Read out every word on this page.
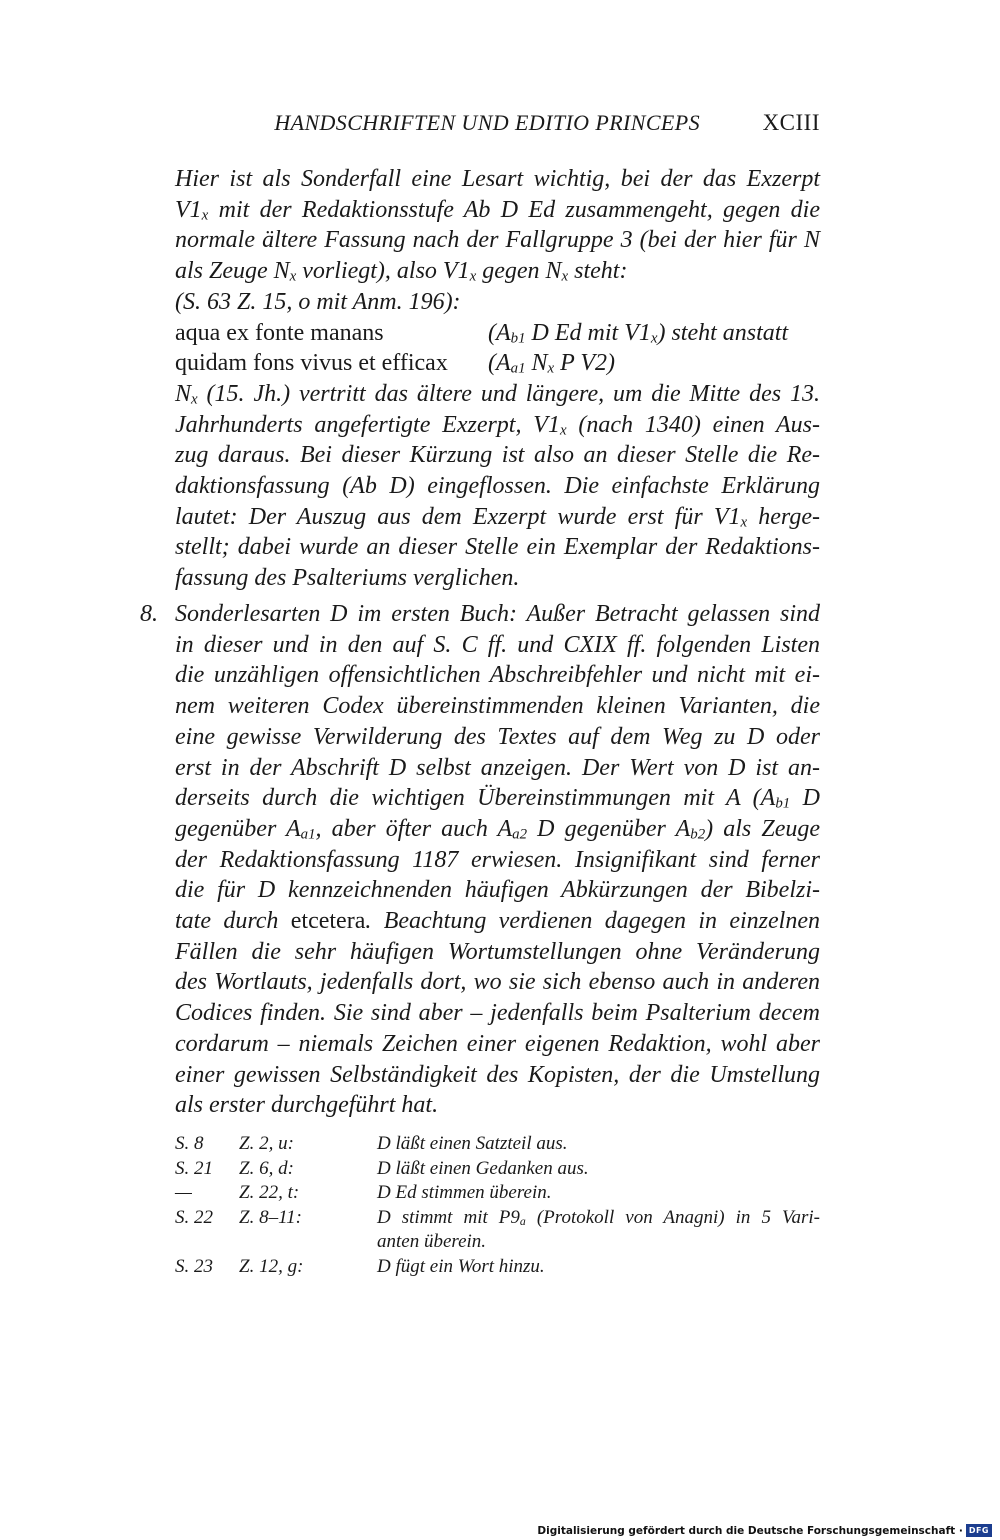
HANDSCHRIFTEN UND EDITIO PRINCEPS	XCIII
Hier ist als Sonderfall eine Lesart wichtig, bei der das Exzerpt
$V1_x$ mit der Redaktionsstufe Ab D Ed zusammengeht, gegen die
normale ältere Fassung nach der Fallgruppe 3 (bei der hier für N
als Zeuge $N_x$ vorliegt), also $V1_x$ gegen $N_x$ steht:
(S. 63 Z. 15, o mit Anm. 196):
aqua ex fonte manans	($A_{b1}$ D Ed mit $V1_x$) steht anstatt
quidam fons vivus et efficax ($A_{a1}$ $N_x$ P V2)
$N_x$ (15. Jh.) vertritt das ältere und längere, um die Mitte des 13.
Jahrhunderts angefertigte Exzerpt, $V1_x$ (nach 1340) einen Aus-
zug daraus. Bei dieser Kürzung ist also an dieser Stelle die Re-
daktionsfassung (Ab D) eingeflossen. Die einfachste Erklärung
lautet: Der Auszug aus dem Exzerpt wurde erst für $V1_x$ herge-
stellt; dabei wurde an dieser Stelle ein Exemplar der Redaktions-
fassung des Psalteriums verglichen.
8. Sonderlesarten D im ersten Buch: Außer Betracht gelassen sind
in dieser und in den auf S. C ff. und CXIX ff. folgenden Listen
die unzähligen offensichtlichen Abschreibfehler und nicht mit ei-
nem weiteren Codex übereinstimmenden kleinen Varianten, die
eine gewisse Verwilderung des Textes auf dem Weg zu D oder
erst in der Abschrift D selbst anzeigen. Der Wert von D ist an-
derseits durch die wichtigen Übereinstimmungen mit A ($A_{b1}$ D
gegenüber $A_{a1}$, aber öfter auch $A_{a2}$ D gegenüber $A_{b2}$) als Zeuge
der Redaktionsfassung 1187 erwiesen. Insignifikant sind ferner
die für D kennzeichnenden häufigen Abkürzungen der Bibelzi-
tate durch etcetera. Beachtung verdienen dagegen in einzelnen
Fällen die sehr häufigen Wortumstellungen ohne Veränderung
des Wortlauts, jedenfalls dort, wo sie sich ebenso auch in anderen
Codices finden. Sie sind aber – jedenfalls beim Psalterium decem
cordarum – niemals Zeichen einer eigenen Redaktion, wohl aber
einer gewissen Selbständigkeit des Kopisten, der die Umstellung
als erster durchgeführt hat.
S. 8	Z. 2, u:	D läßt einen Satzteil aus.
S. 21	Z. 6, d:	D läßt einen Gedanken aus.
—	Z. 22, t:	D Ed stimmen überein.
S. 22	Z. 8–11:	D stimmt mit $P9_a$ (Protokoll von Anagni) in 5 Vari-
anten überein.
S. 23	Z. 12, g:	D fügt ein Wort hinzu.
Digitalisierung gefördert durch die Deutsche Forschungsgemeinschaft · DFG
